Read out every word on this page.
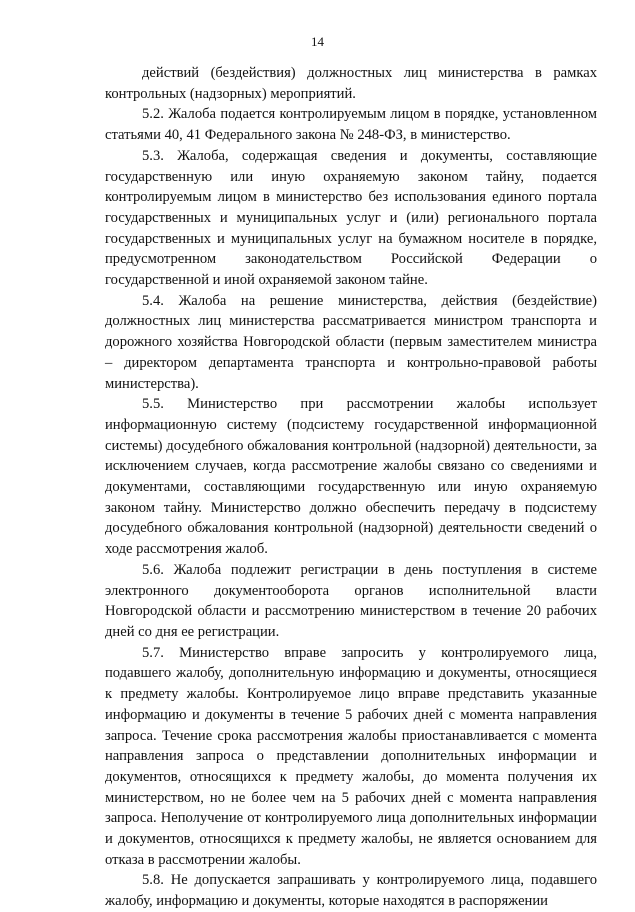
14

действий (бездействия) должностных лиц министерства в рамках контрольных (надзорных) мероприятий.

5.2. Жалоба подается контролируемым лицом в порядке, установленном статьями 40, 41 Федерального закона № 248-ФЗ, в министерство.

5.3. Жалоба, содержащая сведения и документы, составляющие государственную или иную охраняемую законом тайну, подается контролируемым лицом в министерство без использования единого портала государственных и муниципальных услуг и (или) регионального портала государственных и муниципальных услуг на бумажном носителе в порядке, предусмотренном законодательством Российской Федерации о государственной и иной охраняемой законом тайне.

5.4. Жалоба на решение министерства, действия (бездействие) должностных лиц министерства рассматривается министром транспорта и дорожного хозяйства Новгородской области (первым заместителем министра – директором департамента транспорта и контрольно-правовой работы министерства).

5.5. Министерство при рассмотрении жалобы использует информационную систему (подсистему государственной информационной системы) досудебного обжалования контрольной (надзорной) деятельности, за исключением случаев, когда рассмотрение жалобы связано со сведениями и документами, составляющими государственную или иную охраняемую законом тайну. Министерство должно обеспечить передачу в подсистему досудебного обжалования контрольной (надзорной) деятельности сведений о ходе рассмотрения жалоб.

5.6. Жалоба подлежит регистрации в день поступления в системе электронного документооборота органов исполнительной власти Новгородской области и рассмотрению министерством в течение 20 рабочих дней со дня ее регистрации.

5.7. Министерство вправе запросить у контролируемого лица, подавшего жалобу, дополнительную информацию и документы, относящиеся к предмету жалобы. Контролируемое лицо вправе представить указанные информацию и документы в течение 5 рабочих дней с момента направления запроса. Течение срока рассмотрения жалобы приостанавливается с момента направления запроса о представлении дополнительных информации и документов, относящихся к предмету жалобы, до момента получения их министерством, но не более чем на 5 рабочих дней с момента направления запроса. Неполучение от контролируемого лица дополнительных информации и документов, относящихся к предмету жалобы, не является основанием для отказа в рассмотрении жалобы.

5.8. Не допускается запрашивать у контролируемого лица, подавшего жалобу, информацию и документы, которые находятся в распоряжении
